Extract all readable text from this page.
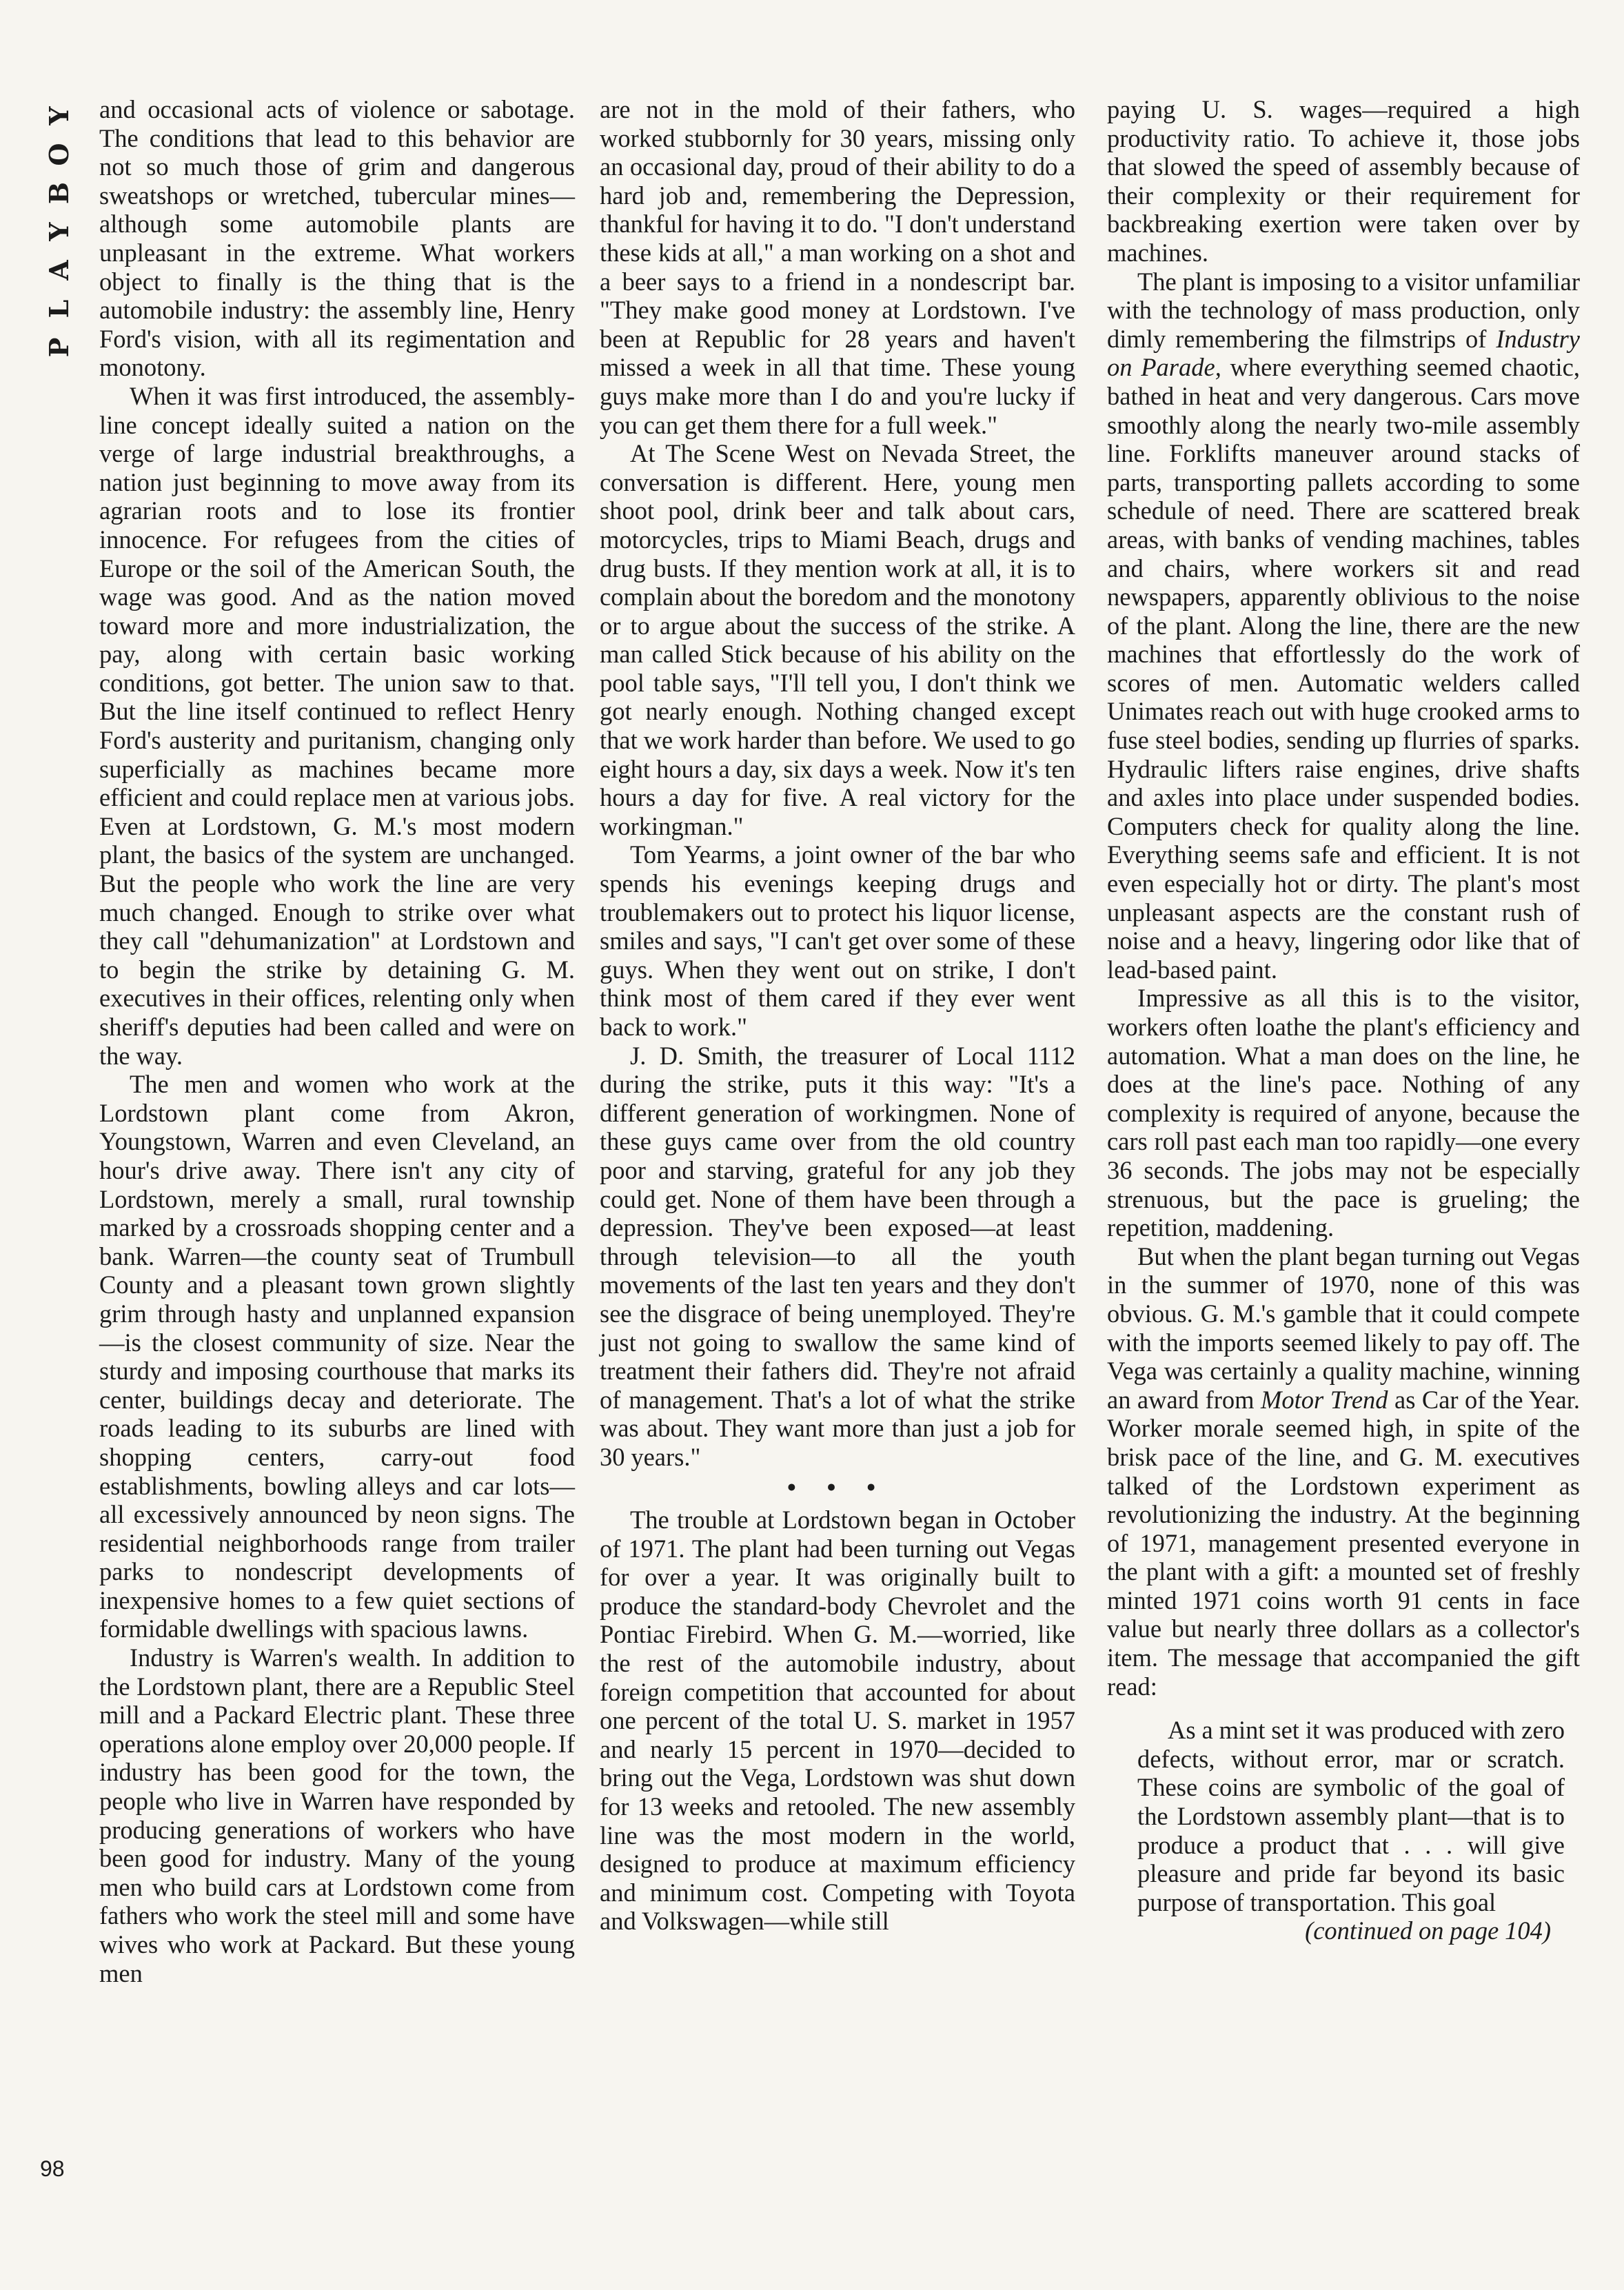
Y
O
B
Y
A
L
P
98

and occasional acts of violence or sabotage. The conditions that lead to this behavior are not so much those of grim and dangerous sweatshops or wretched, tubercular mines—although some automobile plants are unpleasant in the extreme. What workers object to finally is the thing that is the automobile industry: the assembly line, Henry Ford's vision, with all its regimentation and monotony.

When it was first introduced, the assembly-line concept ideally suited a nation on the verge of large industrial breakthroughs, a nation just beginning to move away from its agrarian roots and to lose its frontier innocence. For refugees from the cities of Europe or the soil of the American South, the wage was good. And as the nation moved toward more and more industrialization, the pay, along with certain basic working conditions, got better. The union saw to that. But the line itself continued to reflect Henry Ford's austerity and puritanism, changing only superficially as machines became more efficient and could replace men at various jobs. Even at Lordstown, G. M.'s most modern plant, the basics of the system are unchanged. But the people who work the line are very much changed. Enough to strike over what they call "dehumanization" at Lordstown and to begin the strike by detaining G. M. executives in their offices, relenting only when sheriff's deputies had been called and were on the way.

The men and women who work at the Lordstown plant come from Akron, Youngstown, Warren and even Cleveland, an hour's drive away. There isn't any city of Lordstown, merely a small, rural township marked by a crossroads shopping center and a bank. Warren—the county seat of Trumbull County and a pleasant town grown slightly grim through hasty and unplanned expansion —is the closest community of size. Near the sturdy and imposing courthouse that marks its center, buildings decay and deteriorate. The roads leading to its suburbs are lined with shopping centers, carry-out food establishments, bowling alleys and car lots—all excessively announced by neon signs. The residential neighborhoods range from trailer parks to nondescript developments of inexpensive homes to a few quiet sections of formidable dwellings with spacious lawns.

Industry is Warren's wealth. In addition to the Lordstown plant, there are a Republic Steel mill and a Packard Electric plant. These three operations alone employ over 20,000 people. If industry has been good for the town, the people who live in Warren have responded by producing generations of workers who have been good for industry. Many of the young men who build cars at Lordstown come from fathers who work the steel mill and some have wives who work at Packard. But these young men

are not in the mold of their fathers, who worked stubbornly for 30 years, missing only an occasional day, proud of their ability to do a hard job and, remembering the Depression, thankful for having it to do. "I don't understand these kids at all," a man working on a shot and a beer says to a friend in a nondescript bar. "They make good money at Lordstown. I've been at Republic for 28 years and haven't missed a week in all that time. These young guys make more than I do and you're lucky if you can get them there for a full week."

At The Scene West on Nevada Street, the conversation is different. Here, young men shoot pool, drink beer and talk about cars, motorcycles, trips to Miami Beach, drugs and drug busts. If they mention work at all, it is to complain about the boredom and the monotony or to argue about the success of the strike. A man called Stick because of his ability on the pool table says, "I'll tell you, I don't think we got nearly enough. Nothing changed except that we work harder than before. We used to go eight hours a day, six days a week. Now it's ten hours a day for five. A real victory for the workingman."

Tom Yearms, a joint owner of the bar who spends his evenings keeping drugs and troublemakers out to protect his liquor license, smiles and says, "I can't get over some of these guys. When they went out on strike, I don't think most of them cared if they ever went back to work."

J. D. Smith, the treasurer of Local 1112 during the strike, puts it this way: "It's a different generation of workingmen. None of these guys came over from the old country poor and starving, grateful for any job they could get. None of them have been through a depression. They've been exposed—at least through television—to all the youth movements of the last ten years and they don't see the disgrace of being unemployed. They're just not going to swallow the same kind of treatment their fathers did. They're not afraid of management. That's a lot of what the strike was about. They want more than just a job for 30 years."

• • •

The trouble at Lordstown began in October of 1971. The plant had been turning out Vegas for over a year. It was originally built to produce the standard-body Chevrolet and the Pontiac Firebird. When G. M.—worried, like the rest of the automobile industry, about foreign competition that accounted for about one percent of the total U. S. market in 1957 and nearly 15 percent in 1970—decided to bring out the Vega, Lordstown was shut down for 13 weeks and retooled. The new assembly line was the most modern in the world, designed to produce at maximum efficiency and minimum cost. Competing with Toyota and Volkswagen—while still

paying U. S. wages—required a high productivity ratio. To achieve it, those jobs that slowed the speed of assembly because of their complexity or their requirement for backbreaking exertion were taken over by machines.

The plant is imposing to a visitor unfamiliar with the technology of mass production, only dimly remembering the filmstrips of Industry on Parade, where everything seemed chaotic, bathed in heat and very dangerous. Cars move smoothly along the nearly two-mile assembly line. Forklifts maneuver around stacks of parts, transporting pallets according to some schedule of need. There are scattered break areas, with banks of vending machines, tables and chairs, where workers sit and read newspapers, apparently oblivious to the noise of the plant. Along the line, there are the new machines that effortlessly do the work of scores of men. Automatic welders called Unimates reach out with huge crooked arms to fuse steel bodies, sending up flurries of sparks. Hydraulic lifters raise engines, drive shafts and axles into place under suspended bodies. Computers check for quality along the line. Everything seems safe and efficient. It is not even especially hot or dirty. The plant's most unpleasant aspects are the constant rush of noise and a heavy, lingering odor like that of lead-based paint.

Impressive as all this is to the visitor, workers often loathe the plant's efficiency and automation. What a man does on the line, he does at the line's pace. Nothing of any complexity is required of anyone, because the cars roll past each man too rapidly—one every 36 seconds. The jobs may not be especially strenuous, but the pace is grueling; the repetition, maddening.

But when the plant began turning out Vegas in the summer of 1970, none of this was obvious. G. M.'s gamble that it could compete with the imports seemed likely to pay off. The Vega was certainly a quality machine, winning an award from Motor Trend as Car of the Year. Worker morale seemed high, in spite of the brisk pace of the line, and G. M. executives talked of the Lordstown experiment as revolutionizing the industry. At the beginning of 1971, management presented everyone in the plant with a gift: a mounted set of freshly minted 1971 coins worth 91 cents in face value but nearly three dollars as a collector's item. The message that accompanied the gift read:

As a mint set it was produced with zero defects, without error, mar or scratch. These coins are symbolic of the goal of the Lordstown assembly plant—that is to produce a product that . . . will give pleasure and pride far beyond its basic purpose of transportation. This goal

(continued on page 104)
